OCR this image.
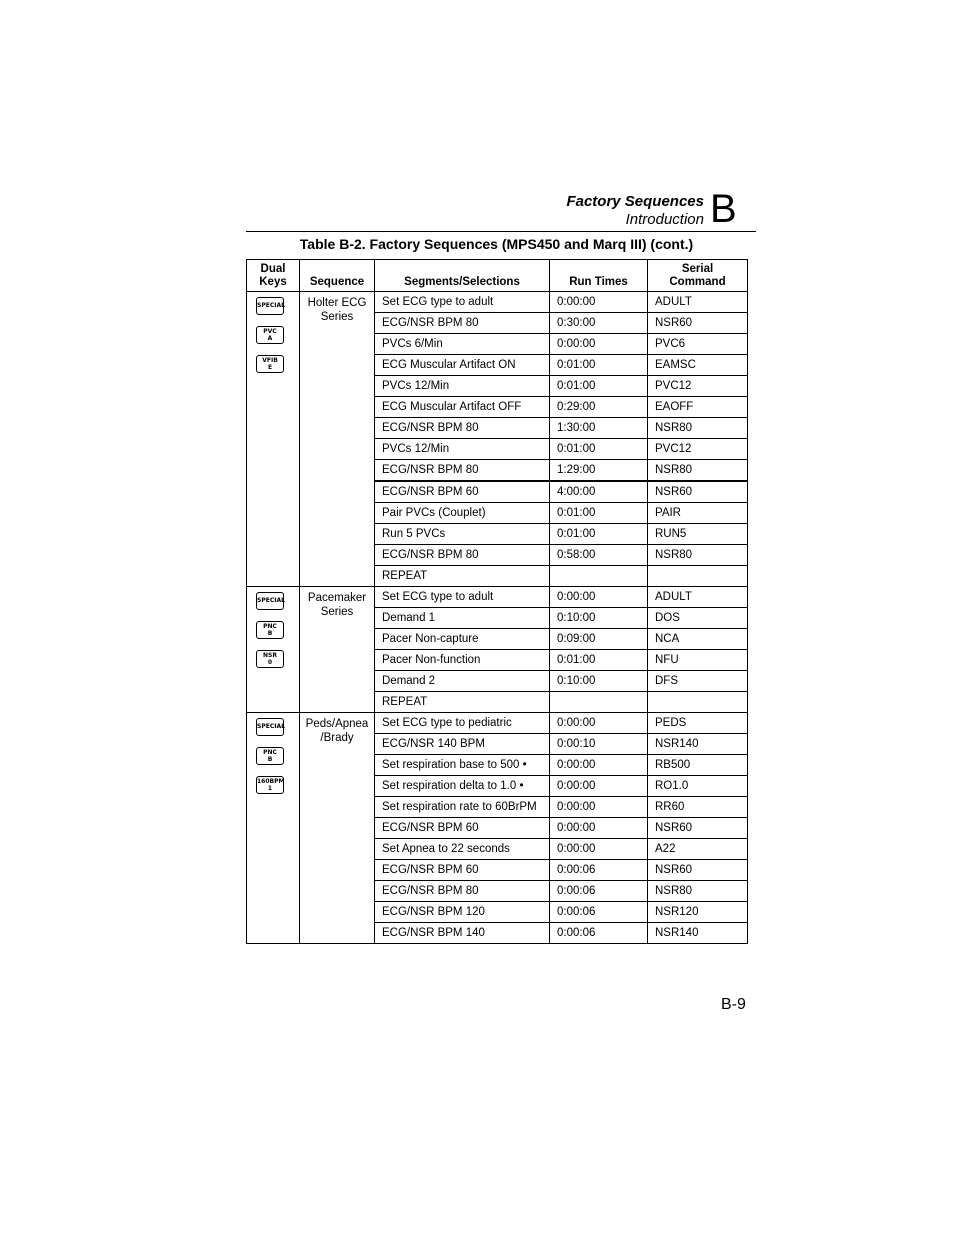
Factory Sequences
Introduction B
Table B-2. Factory Sequences (MPS450 and Marq III) (cont.)
Dual Keys	Sequence	Segments/Selections	Run Times	Serial Command

SPECIAL
PVC
A
VFIB
E	Holter ECG Series	Set ECG type to adult	0:00:00	ADULT
		ECG/NSR BPM 80	0:30:00	NSR60
		PVCs 6/Min	0:00:00	PVC6
		ECG Muscular Artifact ON	0:01:00	EAMSC
		PVCs 12/Min	0:01:00	PVC12
		ECG Muscular Artifact OFF	0:29:00	EAOFF
		ECG/NSR BPM 80	1:30:00	NSR80
		PVCs 12/Min	0:01:00	PVC12
		ECG/NSR BPM 80	1:29:00	NSR80
		ECG/NSR BPM 60	4:00:00	NSR60
		Pair PVCs (Couplet)	0:01:00	PAIR
		Run 5 PVCs	0:01:00	RUN5
		ECG/NSR BPM 80	0:58:00	NSR80
		REPEAT		

SPECIAL
PNC
B
NSR
0	Pacemaker Series	Set ECG type to adult	0:00:00	ADULT
		Demand 1	0:10:00	DOS
		Pacer Non-capture	0:09:00	NCA
		Pacer Non-function	0:01:00	NFU
		Demand 2	0:10:00	DFS
		REPEAT		

SPECIAL
PNC
B
160BPM
1	Peds/Apnea /Brady	Set ECG type to pediatric	0:00:00	PEDS
		ECG/NSR 140 BPM	0:00:10	NSR140
		Set respiration base to 500 •	0:00:00	RB500
		Set respiration delta to 1.0 •	0:00:00	RO1.0
		Set respiration rate to 60BrPM	0:00:00	RR60
		ECG/NSR BPM 60	0:00:00	NSR60
		Set Apnea to 22 seconds	0:00:00	A22
		ECG/NSR BPM 60	0:00:06	NSR60
		ECG/NSR BPM 80	0:00:06	NSR80
		ECG/NSR BPM 120	0:00:06	NSR120
		ECG/NSR BPM 140	0:00:06	NSR140
B-9
